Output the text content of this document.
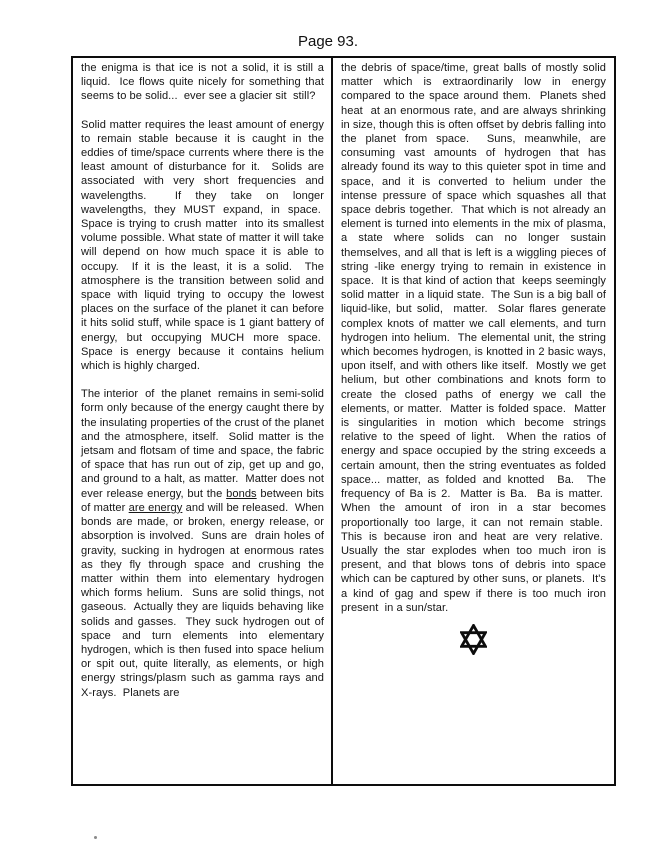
Page 93.

the enigma is that ice is not a solid, it is still a liquid.  Ice flows quite nicely for something that seems to be solid...  ever see a glacier sit  still?

Solid matter requires the least amount of energy to remain stable because it is caught in the eddies of time/space currents where there is the least amount of disturbance for it.  Solids are associated with very short frequencies and wavelengths.  If they take on longer wavelengths, they MUST expand, in space.  Space is trying to crush matter  into its smallest volume possible. What state of matter it will take will depend on how much space it is able to occupy.  If it is the least, it is a solid.  The atmosphere is the transition between solid and space with liquid trying to occupy the lowest places on the surface of the planet it can before it hits solid stuff, while space is 1 giant battery of energy, but occupying MUCH more space.  Space is energy because it contains helium which is highly charged.

The interior  of  the planet  remains in semi-solid form only because of the energy caught there by the insulating properties of the crust of the planet and the atmosphere, itself.  Solid matter is the jetsam and flotsam of time and space, the fabric of space that has run out of zip, get up and go, and ground to a halt, as matter.  Matter does not ever release energy, but the bonds between bits of matter are energy and will be released.  When bonds are made, or broken, energy release, or absorption is involved.  Suns are  drain holes of gravity, sucking in hydrogen at enormous rates as they fly through space and crushing the matter within them into elementary hydrogen which forms helium.  Suns are solid things, not gaseous.  Actually they are liquids behaving like solids and gasses.  They suck hydrogen out of space and turn elements into elementary hydrogen, which is then fused into space helium or spit out, quite literally, as elements, or high energy strings/plasm such as gamma rays and X-rays.  Planets are

the debris of space/time, great balls of mostly solid matter which is extraordinarily low in energy compared to the space around them.  Planets shed heat  at an enormous rate, and are always shrinking in size, though this is often offset by debris falling into the planet from space.  Suns, meanwhile, are consuming vast amounts of hydrogen that has already found its way to this quieter spot in time and space, and it is converted to helium under the intense pressure of space which squashes all that space debris together.  That which is not already an element is turned into elements in the mix of plasma, a state where solids can no longer sustain themselves, and all that is left is a wiggling pieces of string -like energy trying to remain in existence in space.  It is that kind of action that  keeps seemingly solid matter  in a liquid state.  The Sun is a big ball of liquid-like, but solid,  matter.  Solar flares generate complex knots of matter we call elements, and turn hydrogen into helium.  The elemental unit, the string which becomes hydrogen, is knotted in 2 basic ways, upon itself, and with others like itself.  Mostly we get helium, but other combinations and knots form to create the closed paths of energy we call the elements, or matter.  Matter is folded space.  Matter is singularities in motion which become strings relative to the speed of light.  When the ratios of energy and space occupied by the string exceeds a certain amount, then the string eventuates as folded space... matter, as folded and knotted  Ba.  The frequency of Ba is 2.  Matter is Ba.  Ba is matter.  When the amount of iron in a star becomes proportionally too large, it can not remain stable.  This is because iron and heat are very relative.  Usually the star explodes when too much iron is present, and that blows tons of debris into space which can be captured by other suns, or planets.  It's a kind of gag and spew if there is too much iron present  in a sun/star.
